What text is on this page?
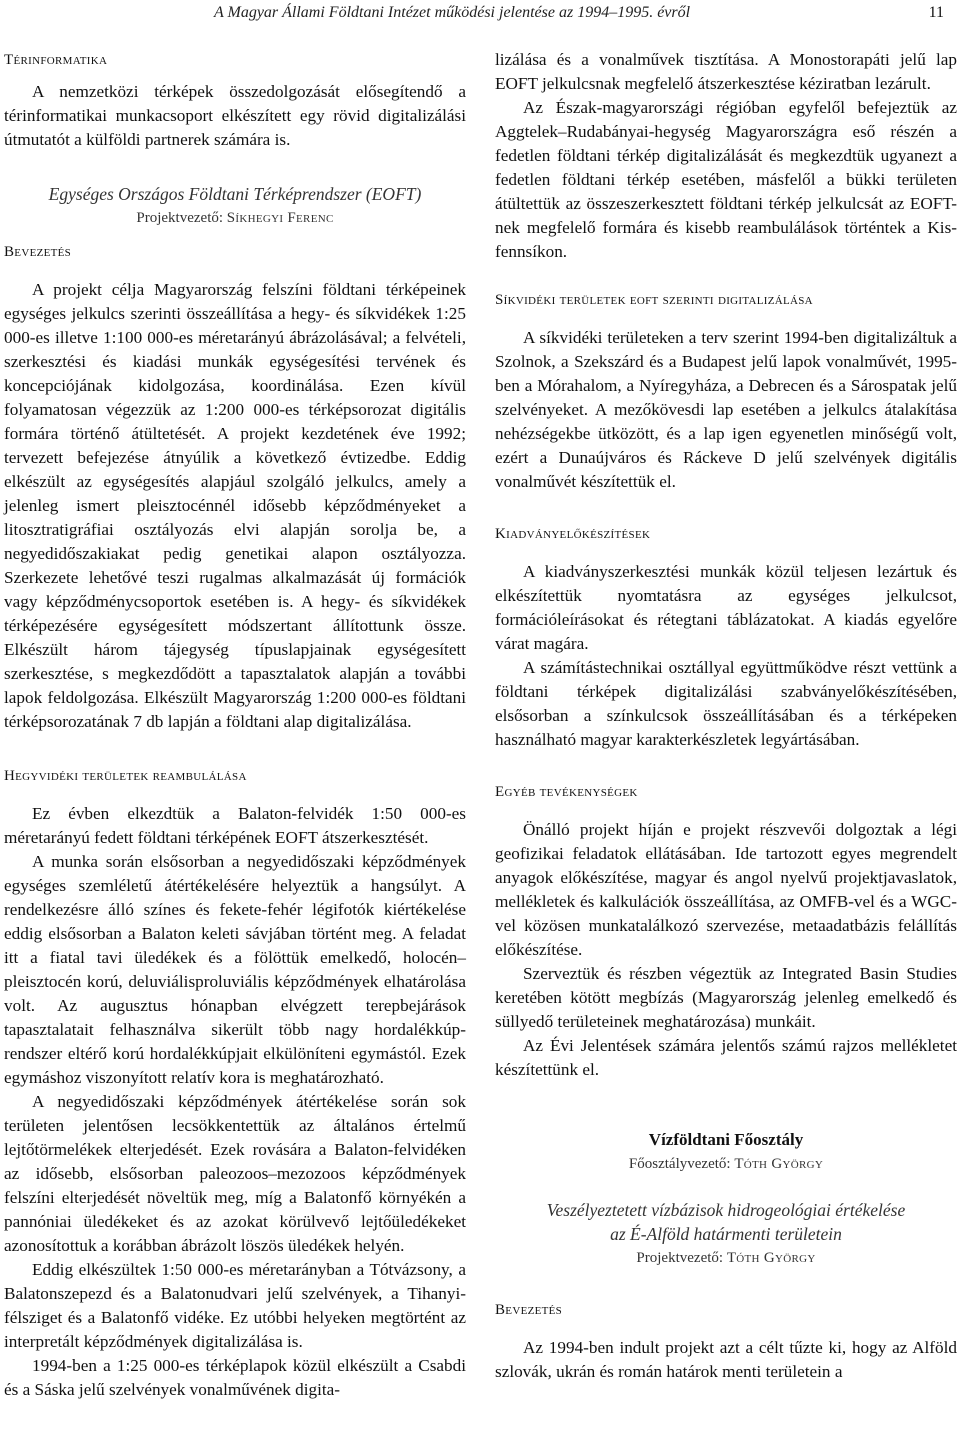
A Magyar Állami Földtani Intézet működési jelentése az 1994–1995. évről	11
Térinformatika

A nemzetközi térképek összedolgozását elősegítendő a térinformatikai munkacsoport elkészített egy rövid digitalizálási útmutatót a külföldi partnerek számára is.

Egységes Országos Földtani Térképrendszer (EOFT)
Projektvezető: Síkhegyi Ferenc
Bevezetés

A projekt célja Magyarország felszíni földtani térképeinek egységes jelkulcs szerinti összeállítása a hegy- és síkvidékek 1:25 000-es illetve 1:100 000-es méretarányú ábrázolásával; a felvételi, szerkesztési és kiadási munkák egységesítési tervének és koncepciójának kidolgozása, koordinálása. Ezen kívül folyamatosan végezzük az 1:200 000-es térképsorozat digitális formára történő átültetését. A projekt kezdetének éve 1992; tervezett befejezése átnyúlik a következő évtizedbe. Eddig elkészült az egységesítés alapjául szolgáló jelkulcs, amely a jelenleg ismert pleisztocénnél idősebb képződményeket a litosztratigráfiai osztályozás elvi alapján sorolja be, a negyedidőszakiakat pedig genetikai alapon osztályozza. Szerkezete lehetővé teszi rugalmas alkalmazását új formációk vagy képződménycsoportok esetében is. A hegy- és síkvidékek térképezésére egységesített módszertant állítottunk össze. Elkészült három tájegység típuslapjainak egységesített szerkesztése, s megkezdődött a tapasztalatok alapján a további lapok feldolgozása. Elkészült Magyarország 1:200 000-es földtani térképsorozatának 7 db lapján a földtani alap digitalizálása.

Hegyvidéki területek reambulálása

Ez évben elkezdtük a Balaton-felvidék 1:50 000-es méretarányú fedett földtani térképének EOFT átszerkesztését.

A munka során elsősorban a negyedidőszaki képződmények egységes szemléletű átértékelésére helyeztük a hangsúlyt. A rendelkezésre álló színes és fekete-fehér légifotók kiértékelése eddig elsősorban a Balaton keleti sávjában történt meg. A feladat itt a fiatal tavi üledékek és a fölöttük emelkedő, holocén–pleisztocén korú, deluviálisproluviális képződmények elhatárolása volt. Az augusztus hónapban elvégzett terepbejárások tapasztalatait felhasználva sikerült több nagy hordalékkúp-rendszer eltérő korú hordalékkúpjait elkülöníteni egymástól. Ezek egymáshoz viszonyított relatív kora is meghatározható.

A negyedidőszaki képződmények átértékelése során sok területen jelentősen lecsökkentettük az általános értelmű lejtőtörmelékek elterjedését. Ezek rovására a Balaton-felvidéken az idősebb, elsősorban paleozoos–mezozoos képződmények felszíni elterjedését növeltük meg, míg a Balatonfő környékén a pannóniai üledékeket és az azokat körülvevő lejtőüledékeket azonosítottuk a korábban ábrázolt löszös üledékek helyén.

Eddig elkészültek 1:50 000-es méretarányban a Tótvázsony, a Balatonszepezd és a Balatonudvari jelű szelvények, a Tihanyi-félsziget és a Balatonfő vidéke. Ez utóbbi helyeken megtörtént az interpretált képződmények digitalizálása is.

1994-ben a 1:25 000-es térképlapok közül elkészült a Csabdi és a Sáska jelű szelvények vonalművének digita-

lizálása és a vonalművek tisztítása. A Monostorapáti jelű lap EOFT jelkulcsnak megfelelő átszerkesztése kéziratban lezárult.

Az Észak-magyarországi régióban egyfelől befejeztük az Aggtelek–Rudabányai-hegység Magyarországra eső részén a fedetlen földtani térkép digitalizálását és megkezdtük ugyanezt a fedetlen földtani térkép esetében, másfelől a bükki területen átültettük az összeszerkesztett földtani térkép jelkulcsát az EOFT-nek megfelelő formára és kisebb reambulálások történtek a Kis-fennsíkon.

Síkvidéki területek eoft szerinti digitalizálása

A síkvidéki területeken a terv szerint 1994-ben digitalizáltuk a Szolnok, a Szekszárd és a Budapest jelű lapok vonalművét, 1995-ben a Mórahalom, a Nyíregyháza, a Debrecen és a Sárospatak jelű szelvényeket. A mezőkövesdi lap esetében a jelkulcs átalakítása nehézségekbe ütközött, és a lap igen egyenetlen minőségű volt, ezért a Dunaújváros és Ráckeve D jelű szelvények digitális vonalművét készítettük el.

Kiadványelőkészítések

A kiadványszerkesztési munkák közül teljesen lezártuk és elkészítettük nyomtatásra az egységes jelkulcsot, formációleírásokat és rétegtani táblázatokat. A kiadás egyelőre várat magára.

A számítástechnikai osztállyal együttműködve részt vettünk a földtani térképek digitalizálási szabványelőkészítésében, elsősorban a színkulcsok összeállításában és a térképeken használható magyar karakterkészletek legyártásában.

Egyéb tevékenységek

Önálló projekt híján e projekt részvevői dolgoztak a légi geofizikai feladatok ellátásában. Ide tartozott egyes megrendelt anyagok előkészítése, magyar és angol nyelvű projektjavaslatok, mellékletek és kalkulációk összeállítása, az OMFB-vel és a WGC-vel közösen munkatalálkozó szervezése, metaadatbázis felállítás előkészítése.

Szerveztük és részben végeztük az Integrated Basin Studies keretében kötött megbízás (Magyarország jelenleg emelkedő és süllyedő területeinek meghatározása) munkáit.

Az Évi Jelentések számára jelentős számú rajzos mellékletet készítettünk el.

Vízföldtani Főosztály
Főosztályvezető: Tóth György
Veszélyeztetett vízbázisok hidrogeológiai értékelése
az É-Alföld határmenti területein
Projektvezető: Tóth György
Bevezetés

Az 1994-ben indult projekt azt a célt tűzte ki, hogy az Alföld szlovák, ukrán és román határok menti területein a
